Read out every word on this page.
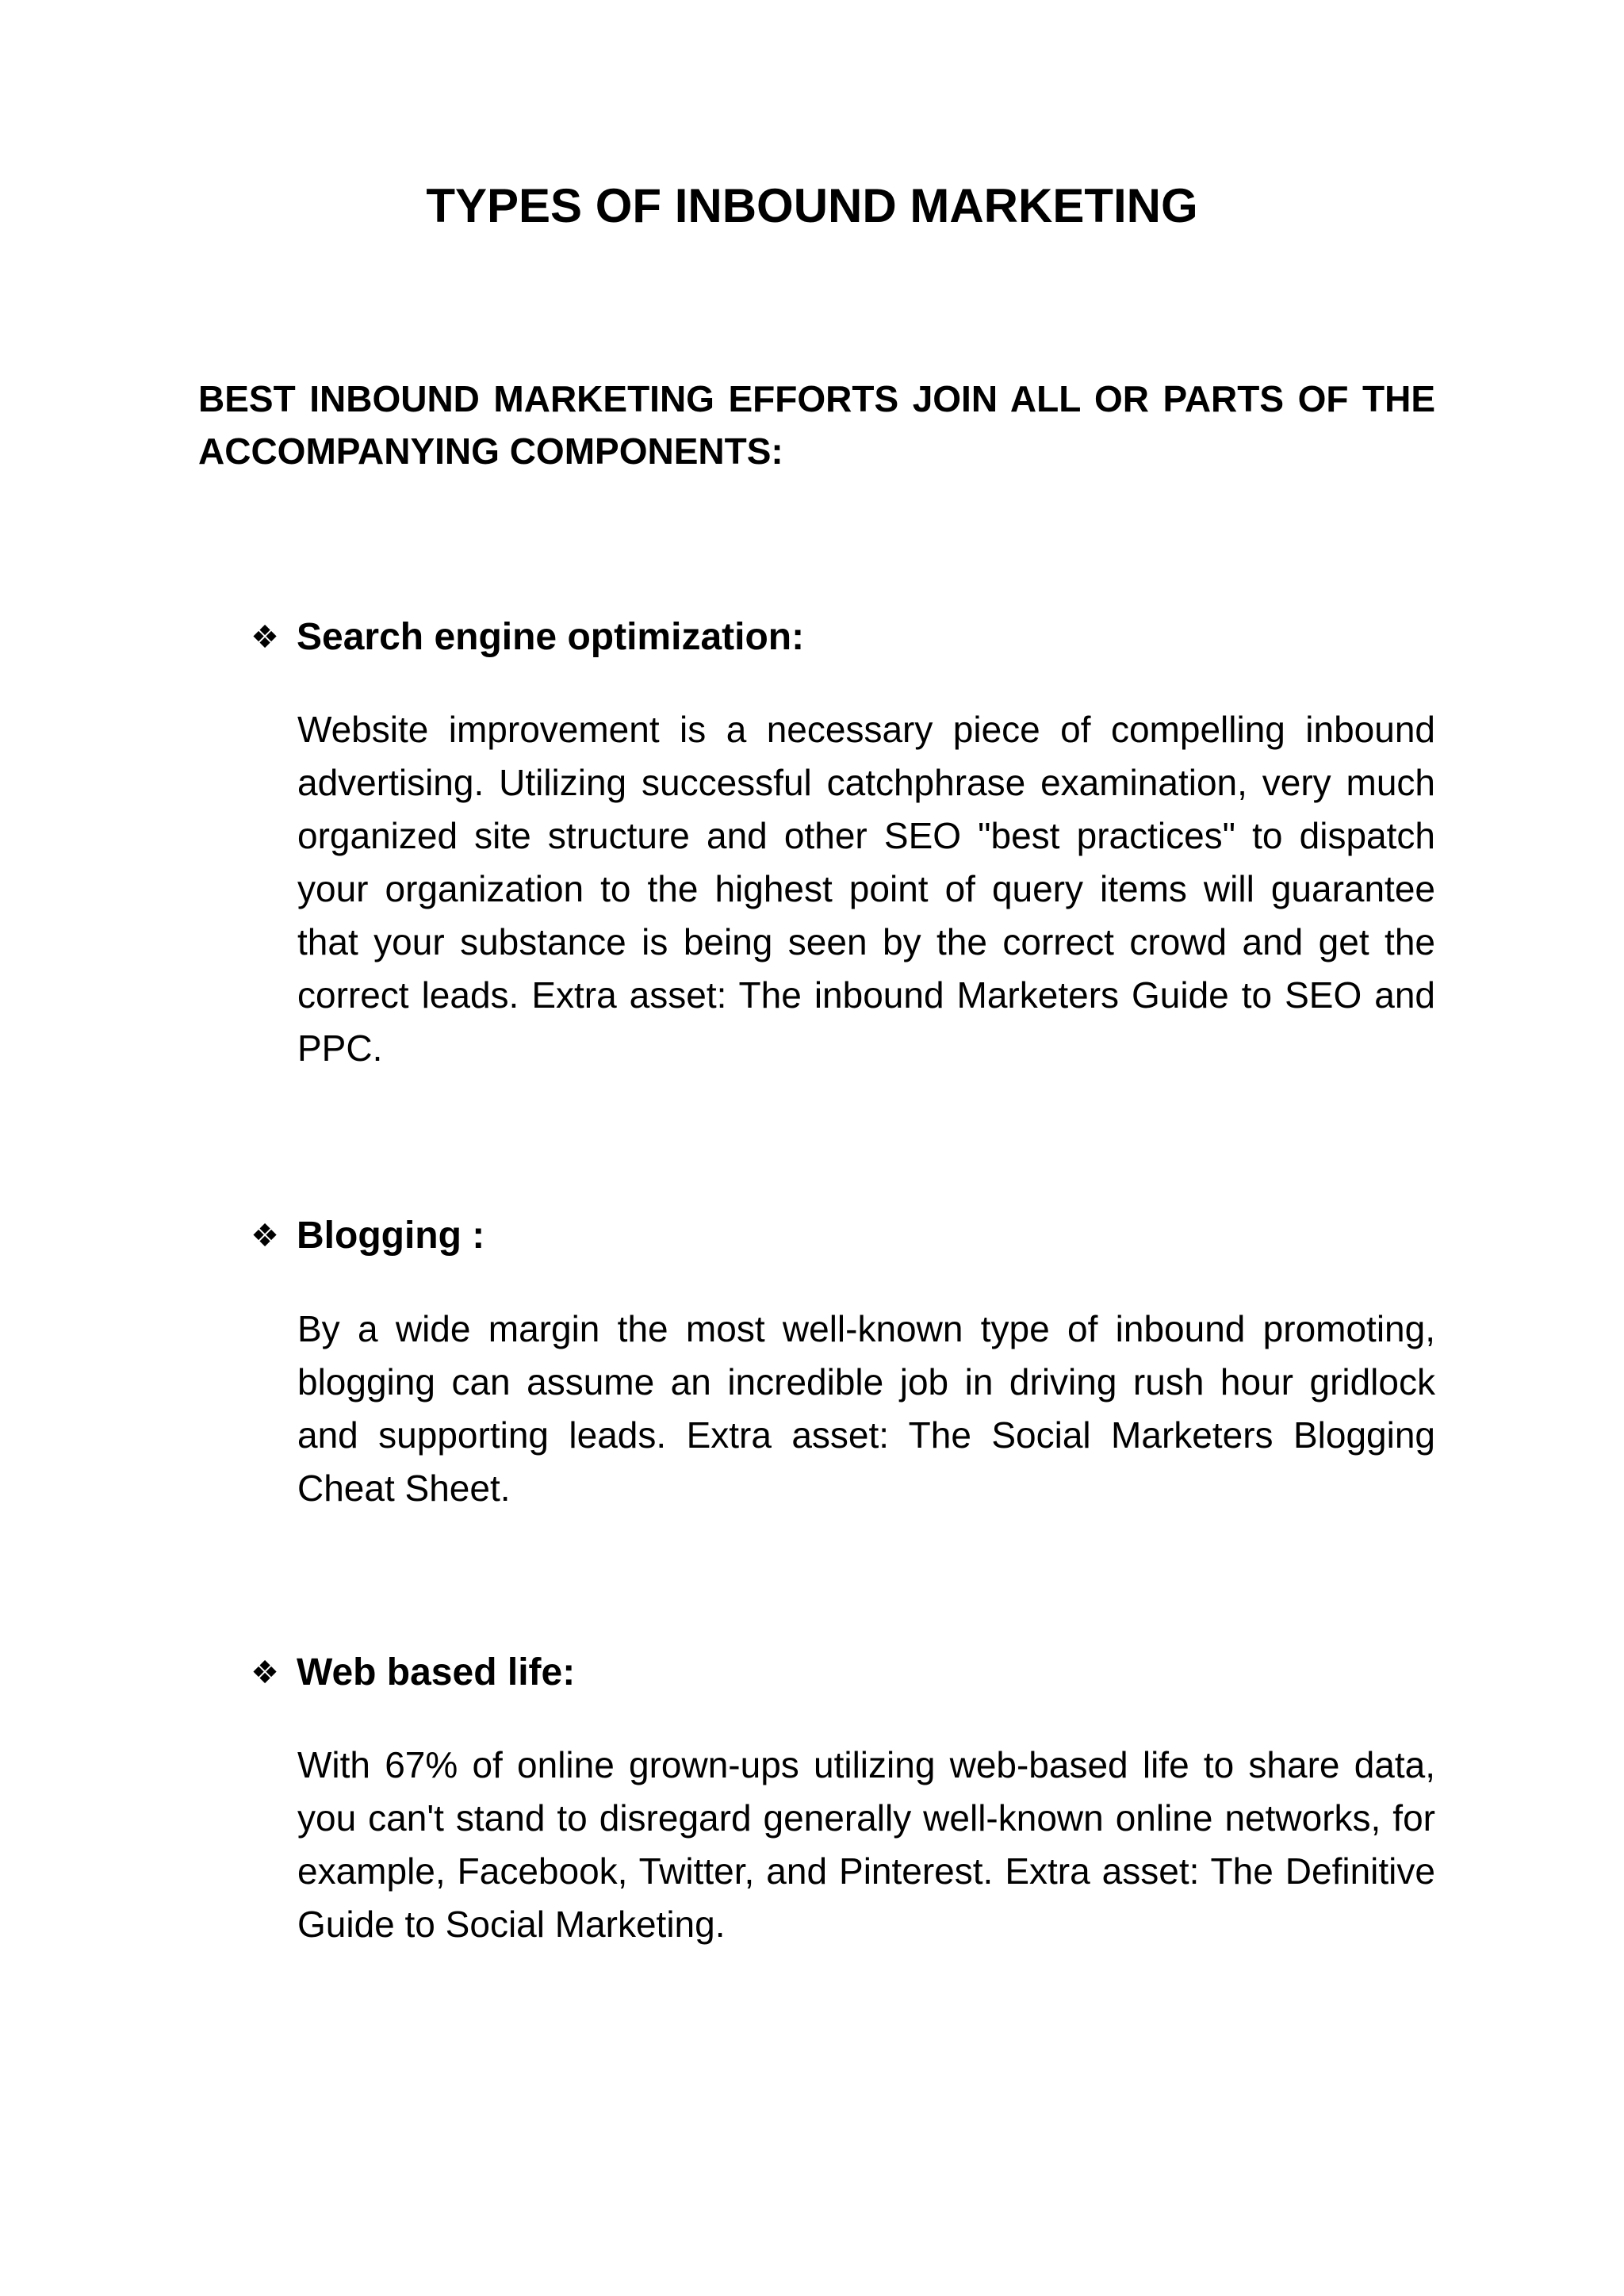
TYPES OF INBOUND MARKETING

BEST INBOUND MARKETING EFFORTS JOIN ALL OR PARTS OF THE ACCOMPANYING COMPONENTS:

❖ Search engine optimization:

Website improvement is a necessary piece of compelling inbound advertising. Utilizing successful catchphrase examination, very much organized site structure and other SEO "best practices" to dispatch your organization to the highest point of query items will guarantee that your substance is being seen by the correct crowd and get the correct leads. Extra asset: The inbound Marketers Guide to SEO and PPC.

❖ Blogging :

By a wide margin the most well-known type of inbound promoting, blogging can assume an incredible job in driving rush hour gridlock and supporting leads. Extra asset: The Social Marketers Blogging Cheat Sheet.

❖ Web based life:

With 67% of online grown-ups utilizing web-based life to share data, you can't stand to disregard generally well-known online networks, for example, Facebook, Twitter, and Pinterest. Extra asset: The Definitive Guide to Social Marketing.
